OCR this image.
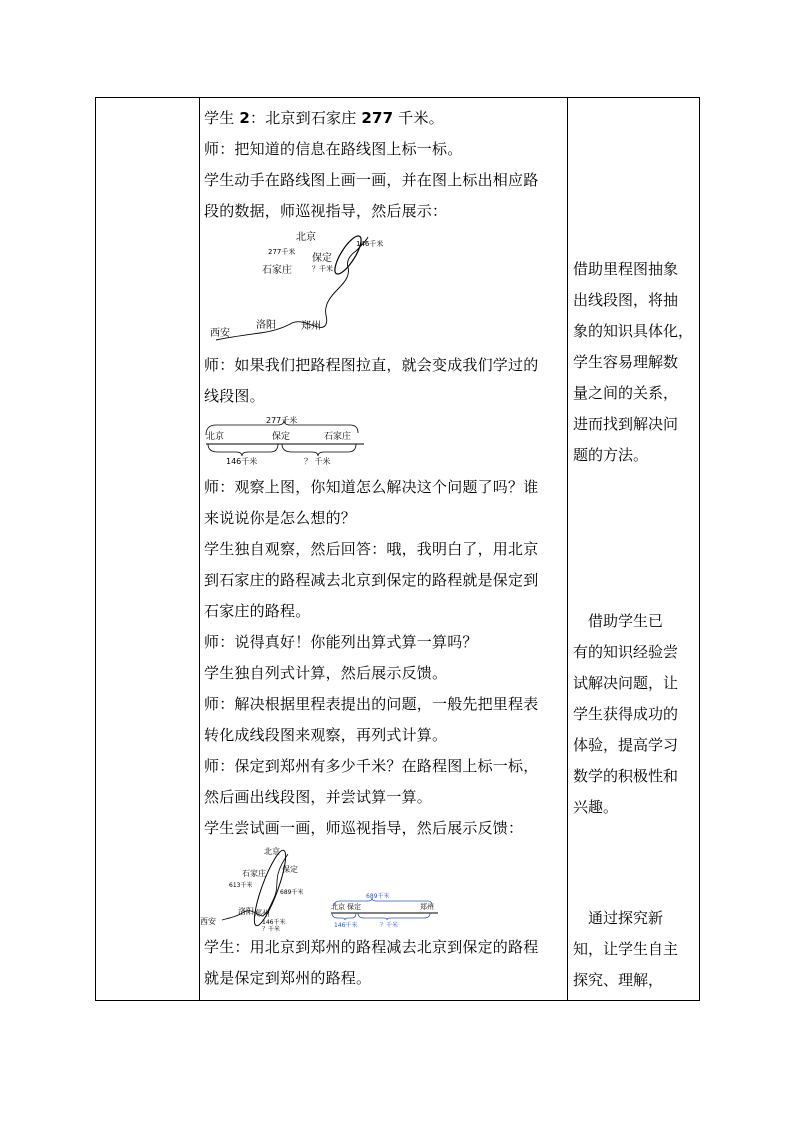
学生 2：北京到石家庄 277 千米。
师：把知道的信息在路线图上标一标。
学生动手在路线图上画一画，并在图上标出相应路
段的数据，师巡视指导，然后展示：
北京
146千米
277千米
保定
石家庄	？千米
洛阳	郑州
西安
师：如果我们把路程图拉直，就会变成我们学过的
线段图。
277千米
北京	保定	石家庄
146千米	？ 千米
师：观察上图，你知道怎么解决这个问题了吗？谁
来说说你是怎么想的？
学生独自观察，然后回答：哦，我明白了，用北京
到石家庄的路程减去北京到保定的路程就是保定到
石家庄的路程。
师：说得真好！你能列出算式算一算吗？
学生独自列式计算，然后展示反馈。
师：解决根据里程表提出的问题，一般先把里程表
转化成线段图来观察，再列式计算。
师：保定到郑州有多少千米？在路程图上标一标，
然后画出线段图，并尝试算一算。
学生尝试画一画，师巡视指导，然后展示反馈：
北京
石家庄 保定
613千米
689千米
洛阳 郑州
西安	146千米
？千米
689千米
北京 保定	郑州
146千米	？千米
学生：用北京到郑州的路程减去北京到保定的路程
就是保定到郑州的路程。
借助里程图抽象
出线段图，将抽
象的知识具体化，
学生容易理解数
量之间的关系，
进而找到解决问
题的方法。
　借助学生已
有的知识经验尝
试解决问题，让
学生获得成功的
体验，提高学习
数学的积极性和
兴趣。
　通过探究新
知，让学生自主
探究、理解，
